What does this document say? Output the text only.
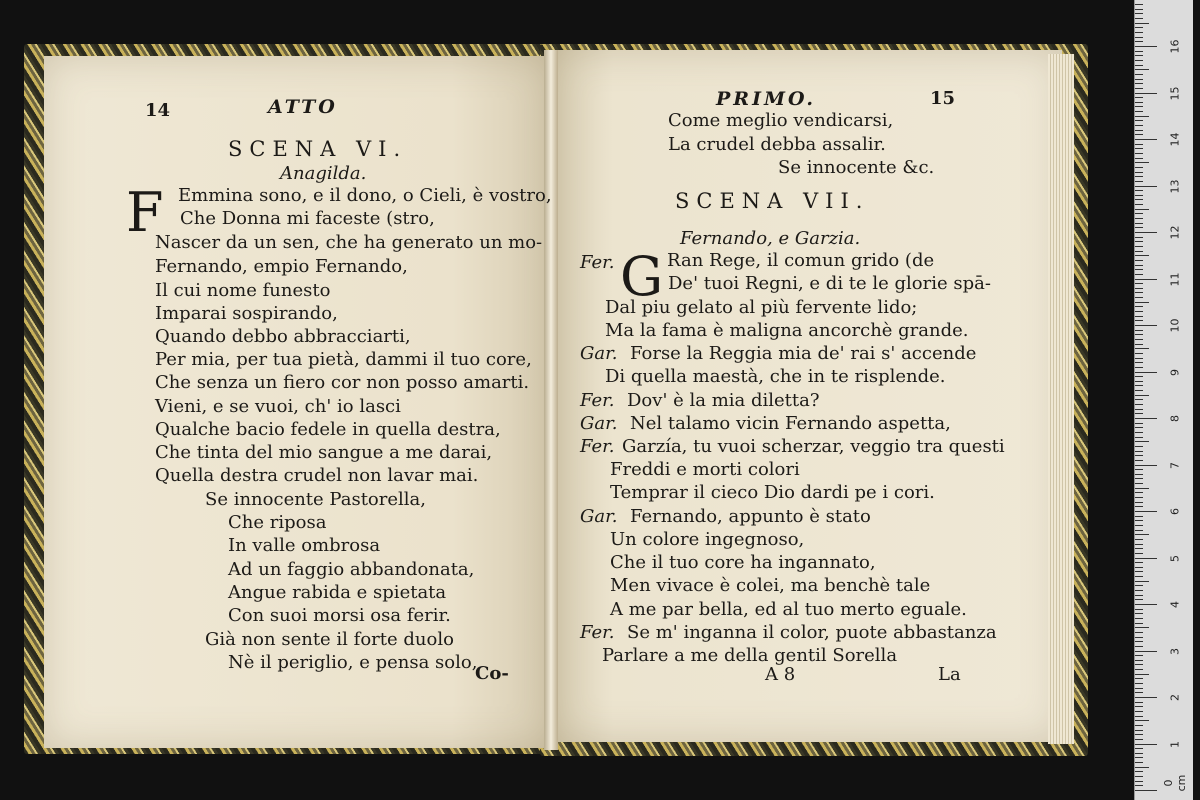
14	ATTO
SCENA VI.
Anagilda.
F Emmina sono, e il dono, o Cieli, è vostro,
Che Donna mi faceste (stro,
Nascer da un sen, che ha generato un mo-
Fernando, empio Fernando,
Il cui nome funesto
Imparai sospirando,
Quando debbo abbracciarti,
Per mia, per tua pietà, dammi il tuo core,
Che senza un fiero cor non posso amarti.
Vieni, e se vuoi, ch' io lasci
Qualche bacio fedele in quella destra,
Che tinta del mio sangue a me darai,
Quella destra crudel non lavar mai.
Se innocente Pastorella,
Che riposa
In valle ombrosa
Ad un faggio abbandonata,
Angue rabida e spietata
Con suoi morsi osa ferir.
Già non sente il forte duolo
Nè il periglio, e pensa solo,
Co-
PRIMO.	15
Come meglio vendicarsi,
La crudel debba assalir.
Se innocente &c.
SCENA VII.
Fernando, e Garzia.
G
Fer.	Ran Rege, il comun grido (de
De' tuoi Regni, e di te le glorie spā-
Dal piu gelato al più fervente lido;
Ma la fama è maligna ancorchè grande.
Gar. Forse la Reggia mia de' rai s' accende
Di quella maestà, che in te risplende.
Fer. Dov' è la mia diletta?
Gar. Nel talamo vicin Fernando aspetta,
Fer. Garzía, tu vuoi scherzar, veggio tra questi
Freddi e morti colori
Temprar il cieco Dio dardi pe i cori.
Gar. Fernando, appunto è stato
Un colore ingegnoso,
Che il tuo core ha ingannato,
Men vivace è colei, ma benchè tale
A me par bella, ed al tuo merto eguale.
Fer. Se m' inganna il color, puote abbastanza
Parlare a me della gentil Sorella
A 8	La
0 cm
1
2
3
4
5
6
7
8
9
10
11
12
13
14
15
16
